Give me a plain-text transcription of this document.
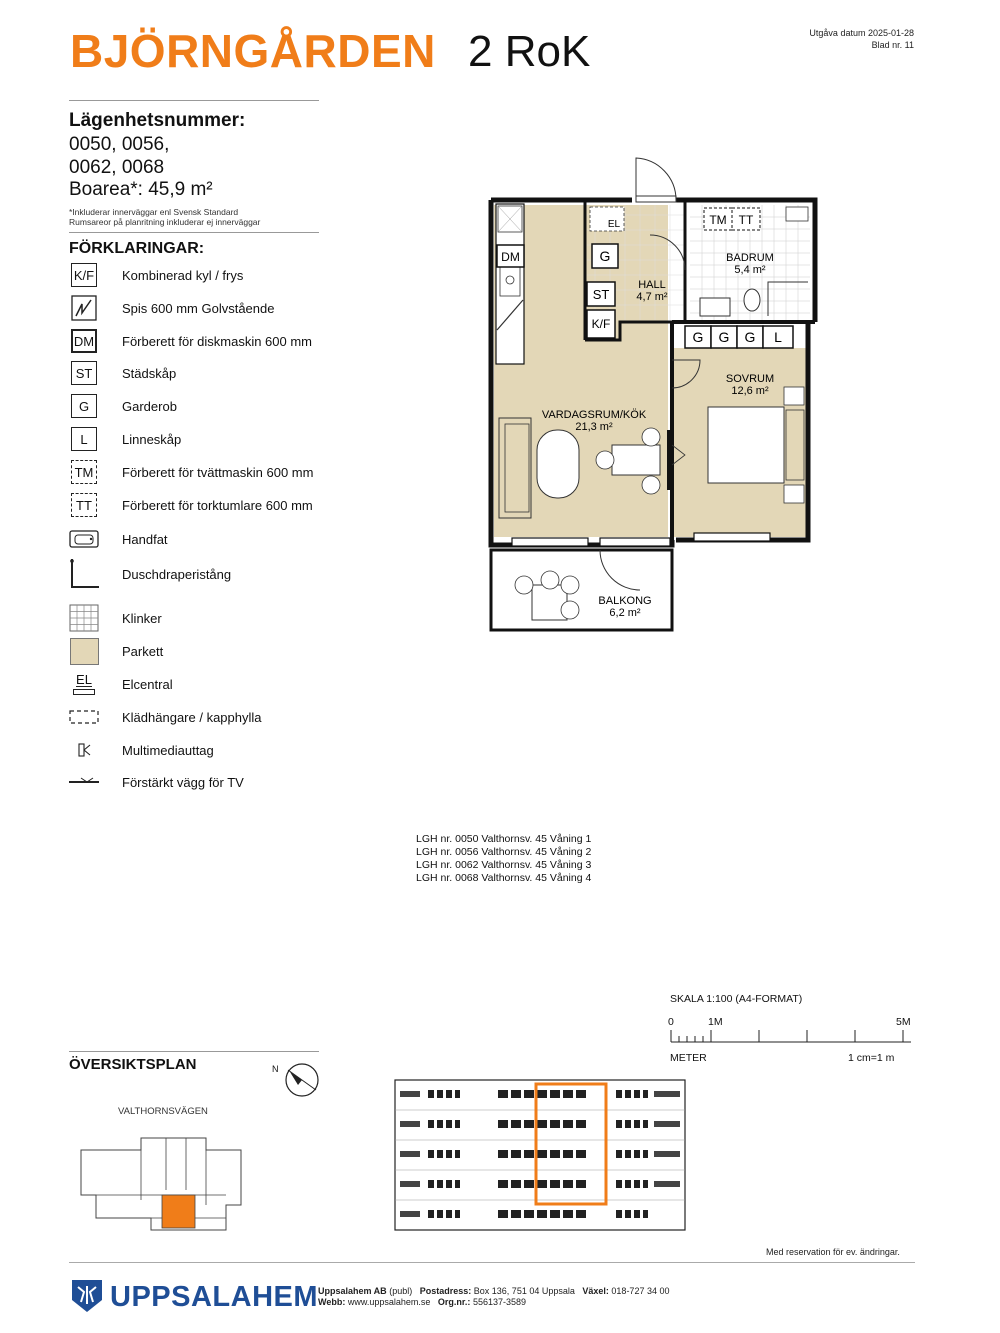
BJÖRNGÅRDEN 2 RoK	Utgåva datum 2025-01-28
Blad nr. 11
Lägenhetsnummer:
0050, 0056,
0062, 0068
Boarea*: 45,9 m²
*Inkluderar innerväggar enl Svensk Standard
Rumsareor på planritning inkluderar ej innerväggar
FÖRKLARINGAR:
K/F Kombinerad kyl / frys
Spis 600 mm Golvstående
DM Förberett för diskmaskin 600 mm
ST	Städskåp
G	Garderob
L	Linneskåp
TM Förberett för tvättmaskin 600 mm
TT	Förberett för torktumlare 600 mm
Handfat
Duschdraperistång
Klinker
Parkett
EL Elcentral
Klädhängare / kapphylla
Multimediauttag
Förstärkt vägg för TV
DM
G G G L
G
ST
K/F
EL	TM TT
VARDAGSRUM/KÖK
21,3 m²
HALL
4,7 m²
BADRUM
5,4 m²
SOVRUM
12,6 m²
BALKONG
6,2 m²
LGH nr. 0050 Valthornsv. 45 Våning 1
LGH nr. 0056 Valthornsv. 45 Våning 2
LGH nr. 0062 Valthornsv. 45 Våning 3
LGH nr. 0068 Valthornsv. 45 Våning 4
SKALA 1:100 (A4-FORMAT)
0	1M	5M
METER	1 cm=1 m
ÖVERSIKTSPLAN	N
VALTHORNSVÄGEN
Med reservation för ev. ändringar.
UPPSALAHEM Uppsalahem AB (publ) Postadress: Box 136, 751 04 Uppsala Växel: 018-727 34 00
Webb: www.uppsalahem.se Org.nr.: 556137-3589
